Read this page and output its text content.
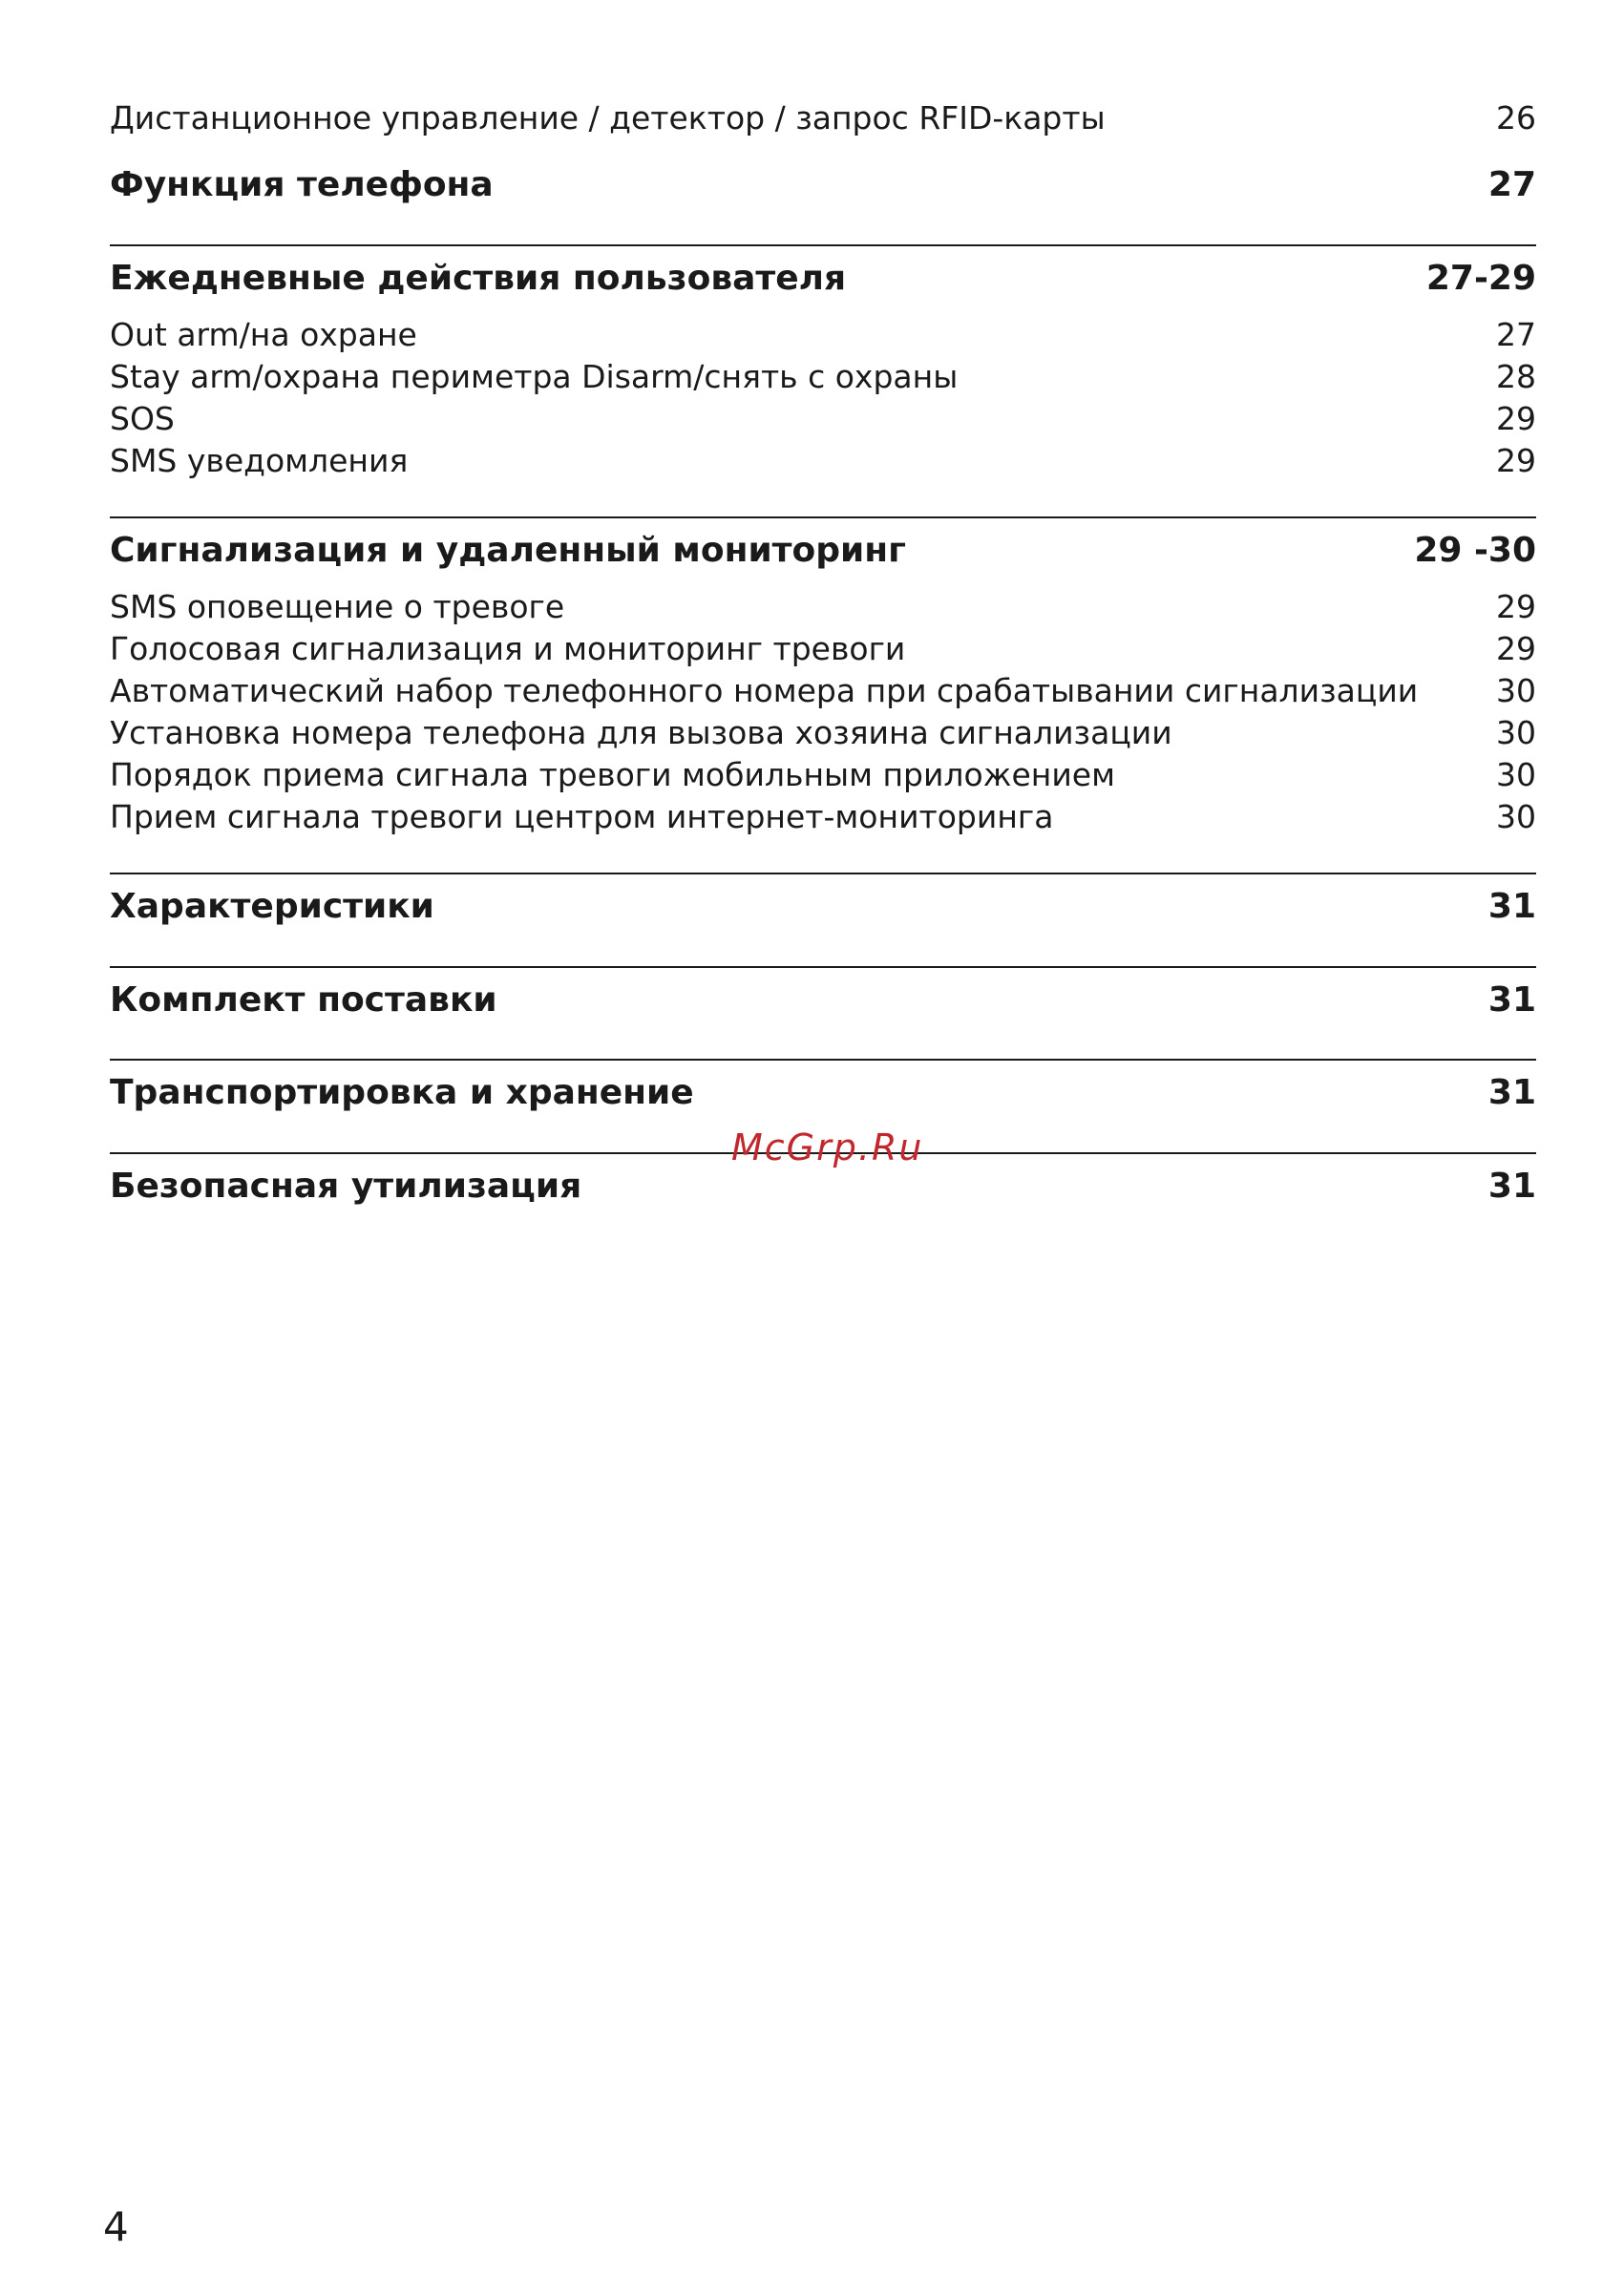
Дистанционное управление / детектор / запрос RFID-карты	26
Функция телефона	27
Ежедневные действия пользователя	27-29
Out arm/на охране	27
Stay arm/охрана периметра Disarm/снять с охраны	28
SOS	29
SMS уведомления	29
Сигнализация и удаленный мониторинг	29 -30
SMS оповещение о тревоге	29
Голосовая сигнализация и мониторинг тревоги	29
Автоматический набор телефонного номера при срабатывании сигнализации 30
Установка номера телефона для вызова хозяина сигнализации	30
Порядок приема сигнала тревоги мобильным приложением	30
Прием сигнала тревоги центром интернет-мониторинга	30
Характеристики	31
Комплект поставки	31
Транспортировка и хранение	31
Безопасная утилизация	31
McGrp.Ru
4
